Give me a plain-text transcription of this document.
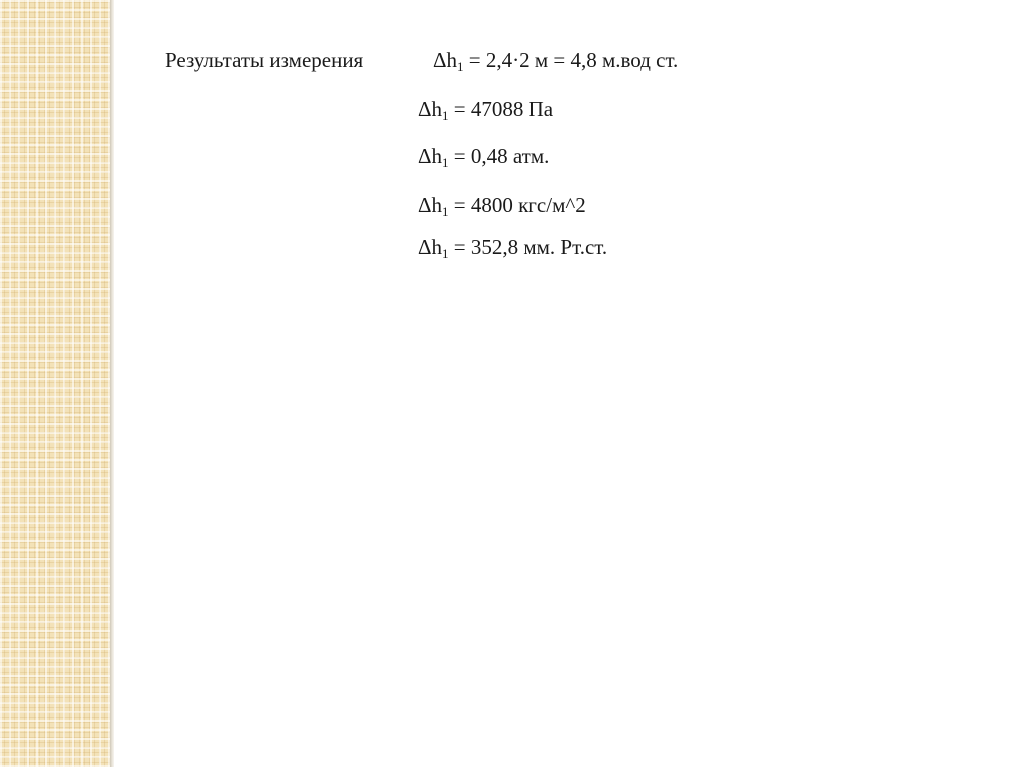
Результаты измерения	$\Delta h_1 = 2,4\cdot 2$ м = 4,8 м.вод ст.
$\Delta h_1 = 47088$ Па
$\Delta h_1 = 0,48$ атм.
$\Delta h_1 = 4800$ кгс/м^2
$\Delta h_1 = 352,8$ мм. Рт.ст.
